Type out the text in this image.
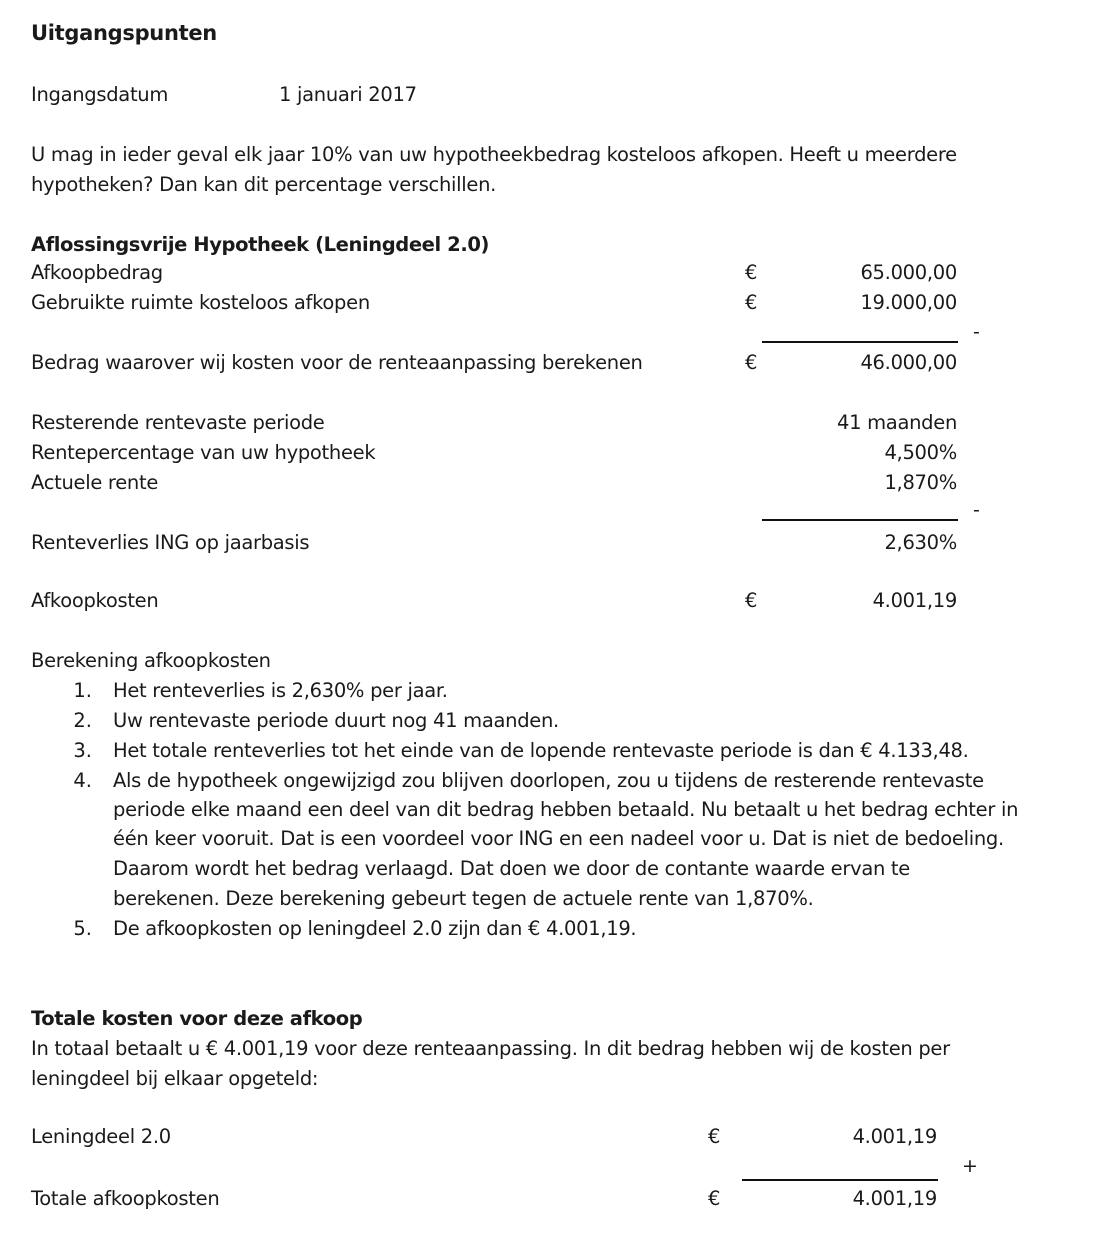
Uitgangspunten
Ingangsdatum	1 januari 2017
U mag in ieder geval elk jaar 10% van uw hypotheekbedrag kosteloos afkopen. Heeft u meerdere
hypotheken? Dan kan dit percentage verschillen.
Aflossingsvrije Hypotheek (Leningdeel 2.0)
Afkoopbedrag	€	65.000,00
Gebruikte ruimte kosteloos afkopen	€	19.000,00
-
Bedrag waarover wij kosten voor de renteaanpassing berekenen	€	46.000,00
Resterende rentevaste periode	41 maanden
Rentepercentage van uw hypotheek	4,500%
Actuele rente	1,870%
-
Renteverlies ING op jaarbasis	2,630%
Afkoopkosten	€	4.001,19
Berekening afkoopkosten
1. Het renteverlies is 2,630% per jaar.
2. Uw rentevaste periode duurt nog 41 maanden.
3. Het totale renteverlies tot het einde van de lopende rentevaste periode is dan € 4.133,48.
4. Als de hypotheek ongewijzigd zou blijven doorlopen, zou u tijdens de resterende rentevaste
periode elke maand een deel van dit bedrag hebben betaald. Nu betaalt u het bedrag echter in
één keer vooruit. Dat is een voordeel voor ING en een nadeel voor u. Dat is niet de bedoeling.
Daarom wordt het bedrag verlaagd. Dat doen we door de contante waarde ervan te
berekenen. Deze berekening gebeurt tegen de actuele rente van 1,870%.
5. De afkoopkosten op leningdeel 2.0 zijn dan € 4.001,19.
Totale kosten voor deze afkoop
In totaal betaalt u € 4.001,19 voor deze renteaanpassing. In dit bedrag hebben wij de kosten per
leningdeel bij elkaar opgeteld:
Leningdeel 2.0	€	4.001,19
+
Totale afkoopkosten	€	4.001,19
